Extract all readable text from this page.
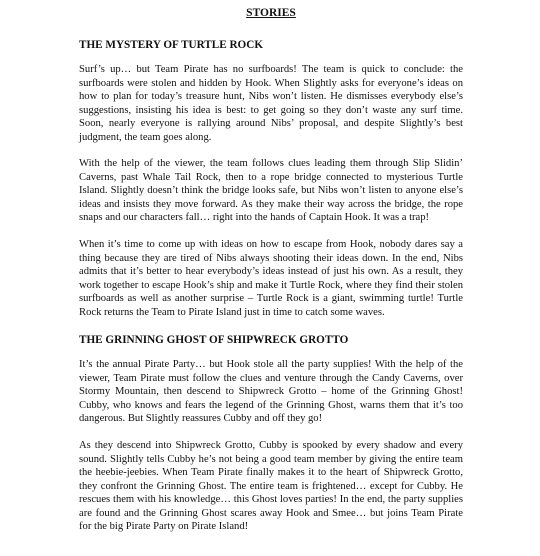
STORIES
THE MYSTERY OF TURTLE ROCK

Surf’s up… but Team Pirate has no surfboards! The team is quick to conclude: the surfboards were stolen and hidden by Hook. When Slightly asks for everyone’s ideas on how to plan for today’s treasure hunt, Nibs won’t listen. He dismisses everybody else’s suggestions, insisting his idea is best: to get going so they don’t waste any surf time. Soon, nearly everyone is rallying around Nibs’ proposal, and despite Slightly’s best judgment, the team goes along.

With the help of the viewer, the team follows clues leading them through Slip Slidin’ Caverns, past Whale Tail Rock, then to a rope bridge connected to mysterious Turtle Island. Slightly doesn’t think the bridge looks safe, but Nibs won’t listen to anyone else’s ideas and insists they move forward. As they make their way across the bridge, the rope snaps and our characters fall… right into the hands of Captain Hook. It was a trap!

When it’s time to come up with ideas on how to escape from Hook, nobody dares say a thing because they are tired of Nibs always shooting their ideas down. In the end, Nibs admits that it’s better to hear everybody’s ideas instead of just his own. As a result, they work together to escape Hook’s ship and make it Turtle Rock, where they find their stolen surfboards as well as another surprise – Turtle Rock is a giant, swimming turtle! Turtle Rock returns the Team to Pirate Island just in time to catch some waves.

THE GRINNING GHOST OF SHIPWRECK GROTTO

It’s the annual Pirate Party… but Hook stole all the party supplies! With the help of the viewer, Team Pirate must follow the clues and venture through the Candy Caverns, over Stormy Mountain, then descend to Shipwreck Grotto – home of the Grinning Ghost! Cubby, who knows and fears the legend of the Grinning Ghost, warns them that it’s too dangerous. But Slightly reassures Cubby and off they go!

As they descend into Shipwreck Grotto, Cubby is spooked by every shadow and every sound. Slightly tells Cubby he’s not being a good team member by giving the entire team the heebie-jeebies. When Team Pirate finally makes it to the heart of Shipwreck Grotto, they confront the Grinning Ghost. The entire team is frightened… except for Cubby. He rescues them with his knowledge… this Ghost loves parties! In the end, the party supplies are found and the Grinning Ghost scares away Hook and Smee… but joins Team Pirate for the big Pirate Party on Pirate Island!
